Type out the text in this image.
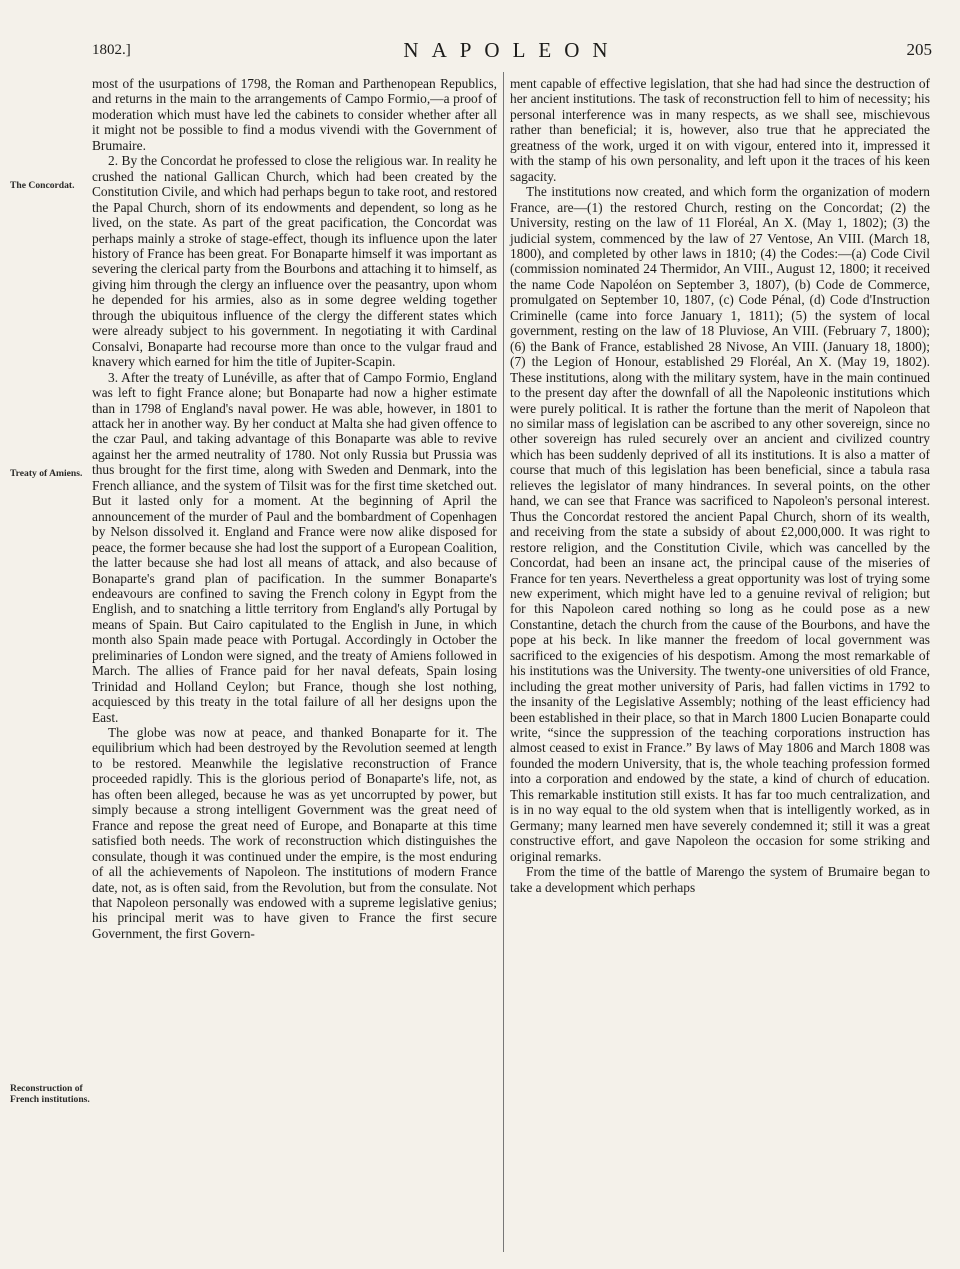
1802.]	NAPOLEON	205
The Concordat.
Treaty of Amiens.
Reconstruction of French institutions.

most of the usurpations of 1798, the Roman and Parthenopean Republics, and returns in the main to the arrangements of Campo Formio,—a proof of moderation which must have led the cabinets to consider whether after all it might not be possible to find a modus vivendi with the Government of Brumaire.

2. By the Concordat he professed to close the religious war. In reality he crushed the national Gallican Church, which had been created by the Constitution Civile, and which had perhaps begun to take root, and restored the Papal Church, shorn of its endowments and dependent, so long as he lived, on the state. As part of the great pacification, the Concordat was perhaps mainly a stroke of stage-effect, though its influence upon the later history of France has been great. For Bonaparte himself it was important as severing the clerical party from the Bourbons and attaching it to himself, as giving him through the clergy an influence over the peasantry, upon whom he depended for his armies, also as in some degree welding together through the ubiquitous influence of the clergy the different states which were already subject to his government. In negotiating it with Cardinal Consalvi, Bonaparte had recourse more than once to the vulgar fraud and knavery which earned for him the title of Jupiter-Scapin.

3. After the treaty of Lunéville, as after that of Campo Formio, England was left to fight France alone; but Bonaparte had now a higher estimate than in 1798 of England's naval power. He was able, however, in 1801 to attack her in another way. By her conduct at Malta she had given offence to the czar Paul, and taking advantage of this Bonaparte was able to revive against her the armed neutrality of 1780. Not only Russia but Prussia was thus brought for the first time, along with Sweden and Denmark, into the French alliance, and the system of Tilsit was for the first time sketched out. But it lasted only for a moment. At the beginning of April the announcement of the murder of Paul and the bombardment of Copenhagen by Nelson dissolved it. England and France were now alike disposed for peace, the former because she had lost the support of a European Coalition, the latter because she had lost all means of attack, and also because of Bonaparte's grand plan of pacification. In the summer Bonaparte's endeavours are confined to saving the French colony in Egypt from the English, and to snatching a little territory from England's ally Portugal by means of Spain. But Cairo capitulated to the English in June, in which month also Spain made peace with Portugal. Accordingly in October the preliminaries of London were signed, and the treaty of Amiens followed in March. The allies of France paid for her naval defeats, Spain losing Trinidad and Holland Ceylon; but France, though she lost nothing, acquiesced by this treaty in the total failure of all her designs upon the East.

The globe was now at peace, and thanked Bonaparte for it. The equilibrium which had been destroyed by the Revolution seemed at length to be restored. Meanwhile the legislative reconstruction of France proceeded rapidly. This is the glorious period of Bonaparte's life, not, as has often been alleged, because he was as yet uncorrupted by power, but simply because a strong intelligent Government was the great need of France and repose the great need of Europe, and Bonaparte at this time satisfied both needs. The work of reconstruction which distinguishes the consulate, though it was continued under the empire, is the most enduring of all the achievements of Napoleon. The institutions of modern France date, not, as is often said, from the Revolution, but from the consulate. Not that Napoleon personally was endowed with a supreme legislative genius; his principal merit was to have given to France the first secure Government, the first Govern-

ment capable of effective legislation, that she had had since the destruction of her ancient institutions. The task of reconstruction fell to him of necessity; his personal interference was in many respects, as we shall see, mischievous rather than beneficial; it is, however, also true that he appreciated the greatness of the work, urged it on with vigour, entered into it, impressed it with the stamp of his own personality, and left upon it the traces of his keen sagacity.

The institutions now created, and which form the organization of modern France, are—(1) the restored Church, resting on the Concordat; (2) the University, resting on the law of 11 Floréal, An X. (May 1, 1802); (3) the judicial system, commenced by the law of 27 Ventose, An VIII. (March 18, 1800), and completed by other laws in 1810; (4) the Codes:—(a) Code Civil (commission nominated 24 Thermidor, An VIII., August 12, 1800; it received the name Code Napoléon on September 3, 1807), (b) Code de Commerce, promulgated on September 10, 1807, (c) Code Pénal, (d) Code d'Instruction Criminelle (came into force January 1, 1811); (5) the system of local government, resting on the law of 18 Pluviose, An VIII. (February 7, 1800); (6) the Bank of France, established 28 Nivose, An VIII. (January 18, 1800); (7) the Legion of Honour, established 29 Floréal, An X. (May 19, 1802). These institutions, along with the military system, have in the main continued to the present day after the downfall of all the Napoleonic institutions which were purely political. It is rather the fortune than the merit of Napoleon that no similar mass of legislation can be ascribed to any other sovereign, since no other sovereign has ruled securely over an ancient and civilized country which has been suddenly deprived of all its institutions. It is also a matter of course that much of this legislation has been beneficial, since a tabula rasa relieves the legislator of many hindrances. In several points, on the other hand, we can see that France was sacrificed to Napoleon's personal interest. Thus the Concordat restored the ancient Papal Church, shorn of its wealth, and receiving from the state a subsidy of about £2,000,000. It was right to restore religion, and the Constitution Civile, which was cancelled by the Concordat, had been an insane act, the principal cause of the miseries of France for ten years. Nevertheless a great opportunity was lost of trying some new experiment, which might have led to a genuine revival of religion; but for this Napoleon cared nothing so long as he could pose as a new Constantine, detach the church from the cause of the Bourbons, and have the pope at his beck. In like manner the freedom of local government was sacrificed to the exigencies of his despotism. Among the most remarkable of his institutions was the University. The twenty-one universities of old France, including the great mother university of Paris, had fallen victims in 1792 to the insanity of the Legislative Assembly; nothing of the least efficiency had been established in their place, so that in March 1800 Lucien Bonaparte could write, “since the suppression of the teaching corporations instruction has almost ceased to exist in France.” By laws of May 1806 and March 1808 was founded the modern University, that is, the whole teaching profession formed into a corporation and endowed by the state, a kind of church of education. This remarkable institution still exists. It has far too much centralization, and is in no way equal to the old system when that is intelligently worked, as in Germany; many learned men have severely condemned it; still it was a great constructive effort, and gave Napoleon the occasion for some striking and original remarks.

From the time of the battle of Marengo the system of Brumaire began to take a development which perhaps
